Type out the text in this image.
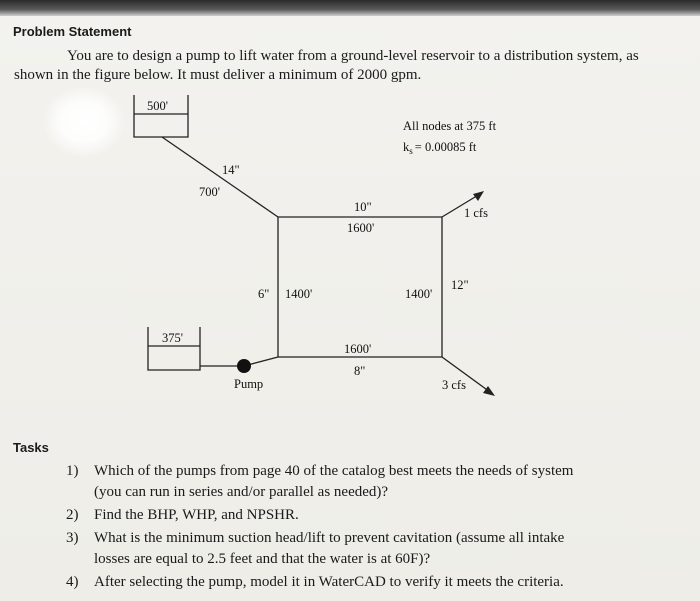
Problem Statement
You are to design a pump to lift water from a ground-level reservoir to a distribution system, as
shown in the figure below. It must deliver a minimum of 2000 gpm.
500'
375'
All nodes at 375 ft
$k_s = 0.00085$ ft
14"
700'
10"
1600'
6" 1400'	1400'
12"
1600'
8"
Pump
1 cfs
3 cfs
Tasks
1) Which of the pumps from page 40 of the catalog best meets the needs of system
(you can run in series and/or parallel as needed)?
2) Find the BHP, WHP, and NPSHR.
3) What is the minimum suction head/lift to prevent cavitation (assume all intake
losses are equal to 2.5 feet and that the water is at 60F)?
4) After selecting the pump, model it in WaterCAD to verify it meets the criteria.
